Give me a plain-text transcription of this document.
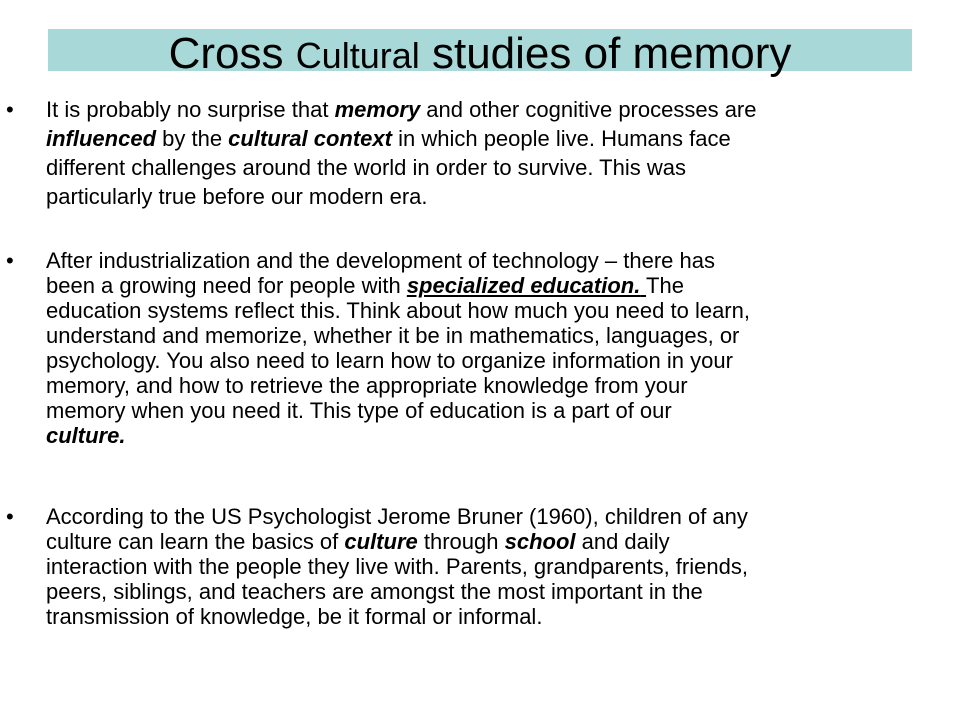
Cross Cultural studies of memory
• It is probably no surprise that memory and other cognitive processes are
influenced by the cultural context in which people live. Humans face
different challenges around the world in order to survive. This was
particularly true before our modern era.
• After industrialization and the development of technology – there has
been a growing need for people with specialized education. The
education systems reflect this. Think about how much you need to learn,
understand and memorize, whether it be in mathematics, languages, or
psychology. You also need to learn how to organize information in your
memory, and how to retrieve the appropriate knowledge from your
memory when you need it. This type of education is a part of our
culture.
• According to the US Psychologist Jerome Bruner (1960), children of any
culture can learn the basics of culture through school and daily
interaction with the people they live with. Parents, grandparents, friends,
peers, siblings, and teachers are amongst the most important in the
transmission of knowledge, be it formal or informal.
